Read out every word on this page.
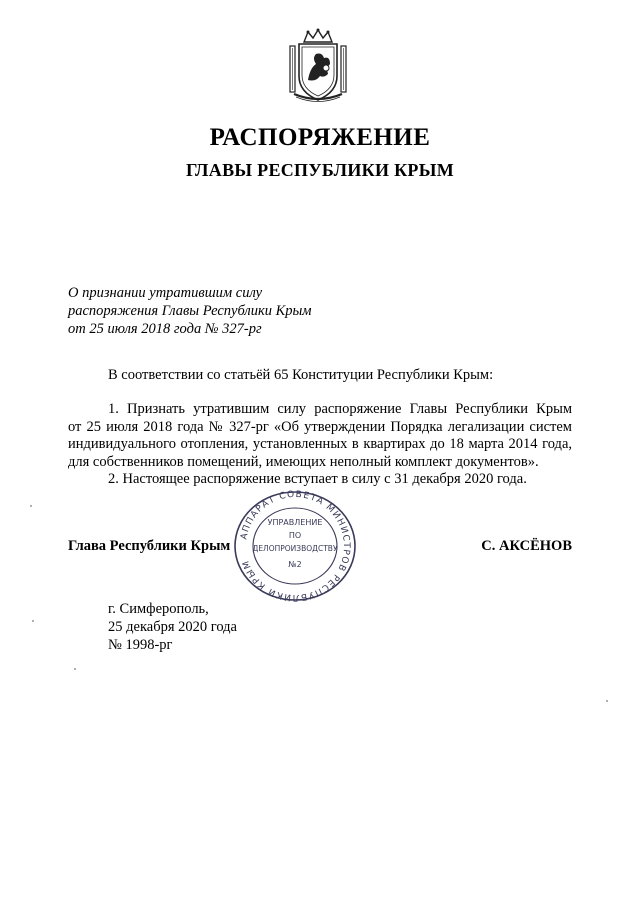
РАСПОРЯЖЕНИЕ
ГЛАВЫ РЕСПУБЛИКИ КРЫМ
О признании утратившим силу
распоряжения Главы Республики Крым
от 25 июля 2018 года № 327-рг
В соответствии со статьёй 65 Конституции Республики Крым:
1. Признать утратившим силу распоряжение Главы Республики Крым
от 25 июля 2018 года № 327-рг «Об утверждении Порядка легализации систем
индивидуального отопления, установленных в квартирах до 18 марта 2014 года,
для собственников помещений, имеющих неполный комплект документов».
2. Настоящее распоряжение вступает в силу с 31 декабря 2020 года.
Глава Республики Крым	С. АКСЁНОВ
АППАРАТ СОВЕТА МИНИСТРОВ РЕСПУБЛИКИ КРЫМ
УПРАВЛЕНИЕ
ПО
ДЕЛОПРОИЗВОДСТВУ
№2
г. Симферополь,
25 декабря 2020 года
№ 1998-рг
